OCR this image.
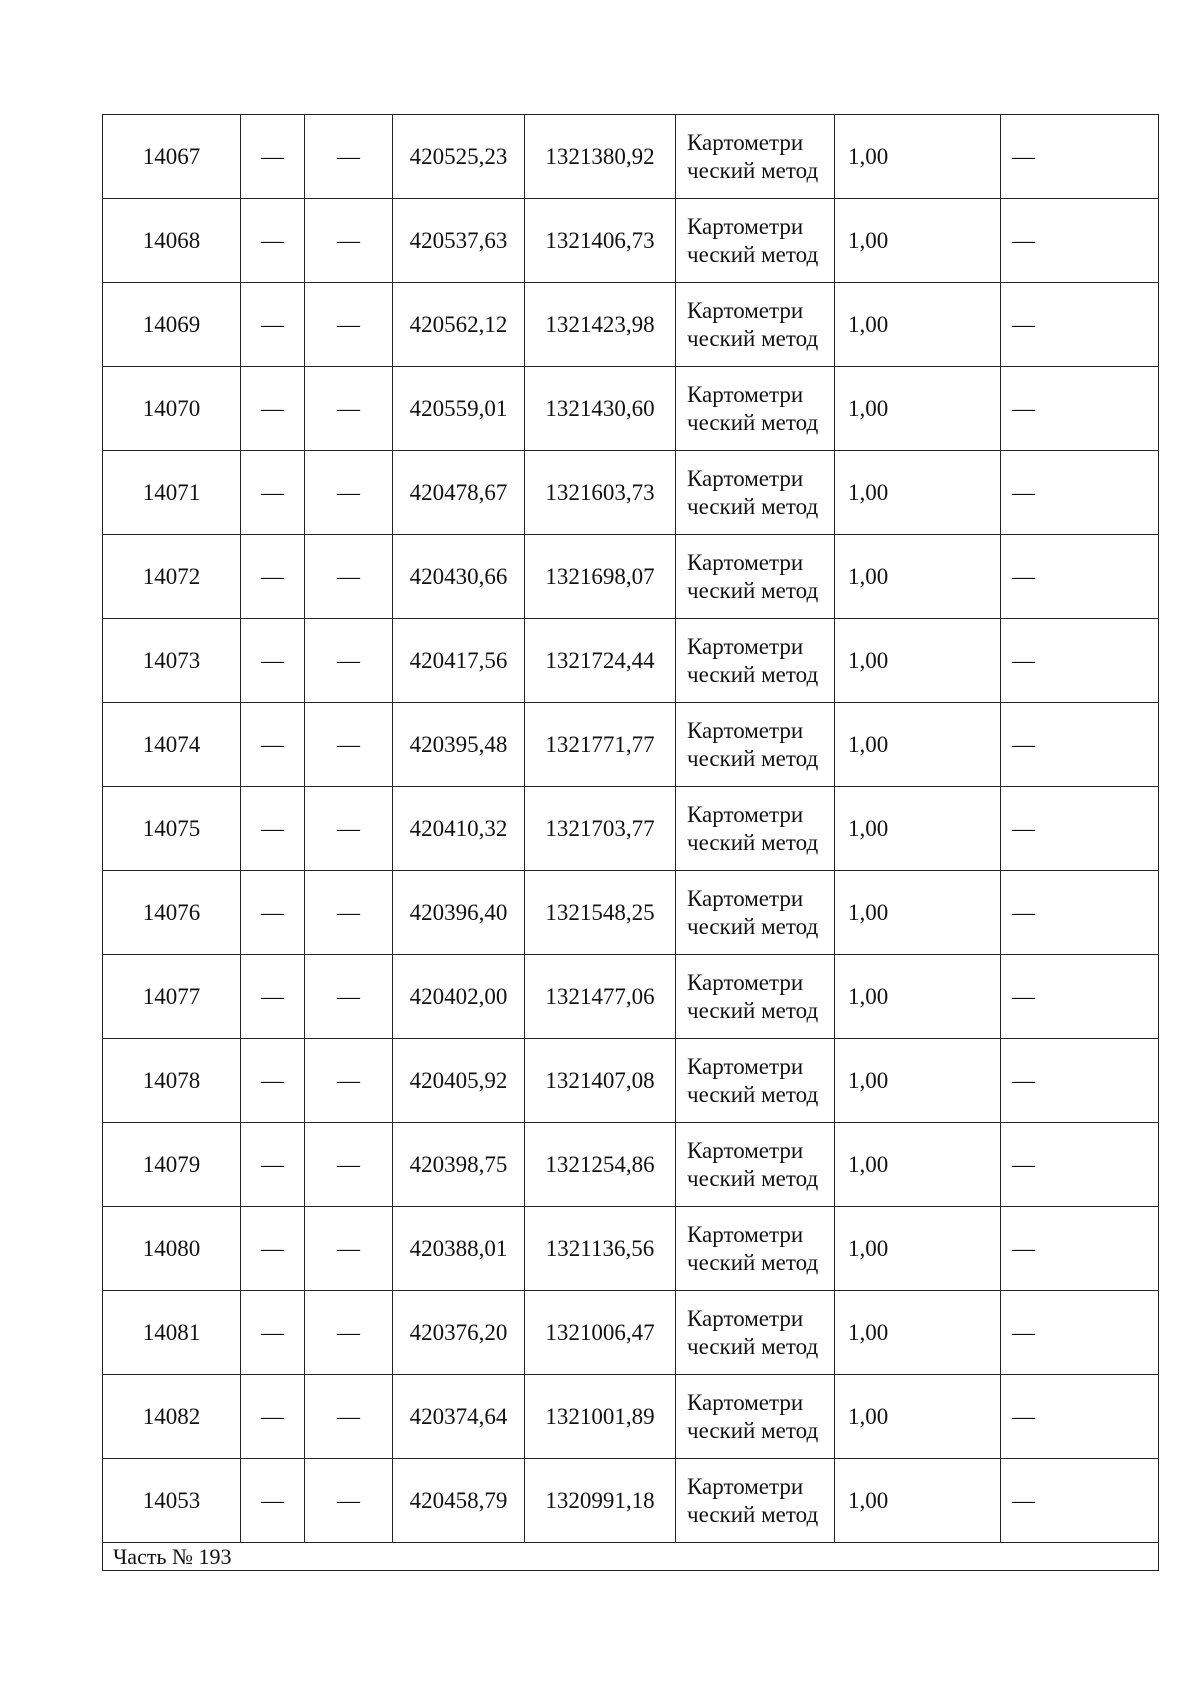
14067	—	—	420525,23	1321380,92	Картометри ческий метод	1,00	—
14068	—	—	420537,63	1321406,73	Картометри ческий метод	1,00	—
14069	—	—	420562,12	1321423,98	Картометри ческий метод	1,00	—
14070	—	—	420559,01	1321430,60	Картометри ческий метод	1,00	—
14071	—	—	420478,67	1321603,73	Картометри ческий метод	1,00	—
14072	—	—	420430,66	1321698,07	Картометри ческий метод	1,00	—
14073	—	—	420417,56	1321724,44	Картометри ческий метод	1,00	—
14074	—	—	420395,48	1321771,77	Картометри ческий метод	1,00	—
14075	—	—	420410,32	1321703,77	Картометри ческий метод	1,00	—
14076	—	—	420396,40	1321548,25	Картометри ческий метод	1,00	—
14077	—	—	420402,00	1321477,06	Картометри ческий метод	1,00	—
14078	—	—	420405,92	1321407,08	Картометри ческий метод	1,00	—
14079	—	—	420398,75	1321254,86	Картометри ческий метод	1,00	—
14080	—	—	420388,01	1321136,56	Картометри ческий метод	1,00	—
14081	—	—	420376,20	1321006,47	Картометри ческий метод	1,00	—
14082	—	—	420374,64	1321001,89	Картометри ческий метод	1,00	—
14053	—	—	420458,79	1320991,18	Картометри ческий метод	1,00	—
Часть № 193							
